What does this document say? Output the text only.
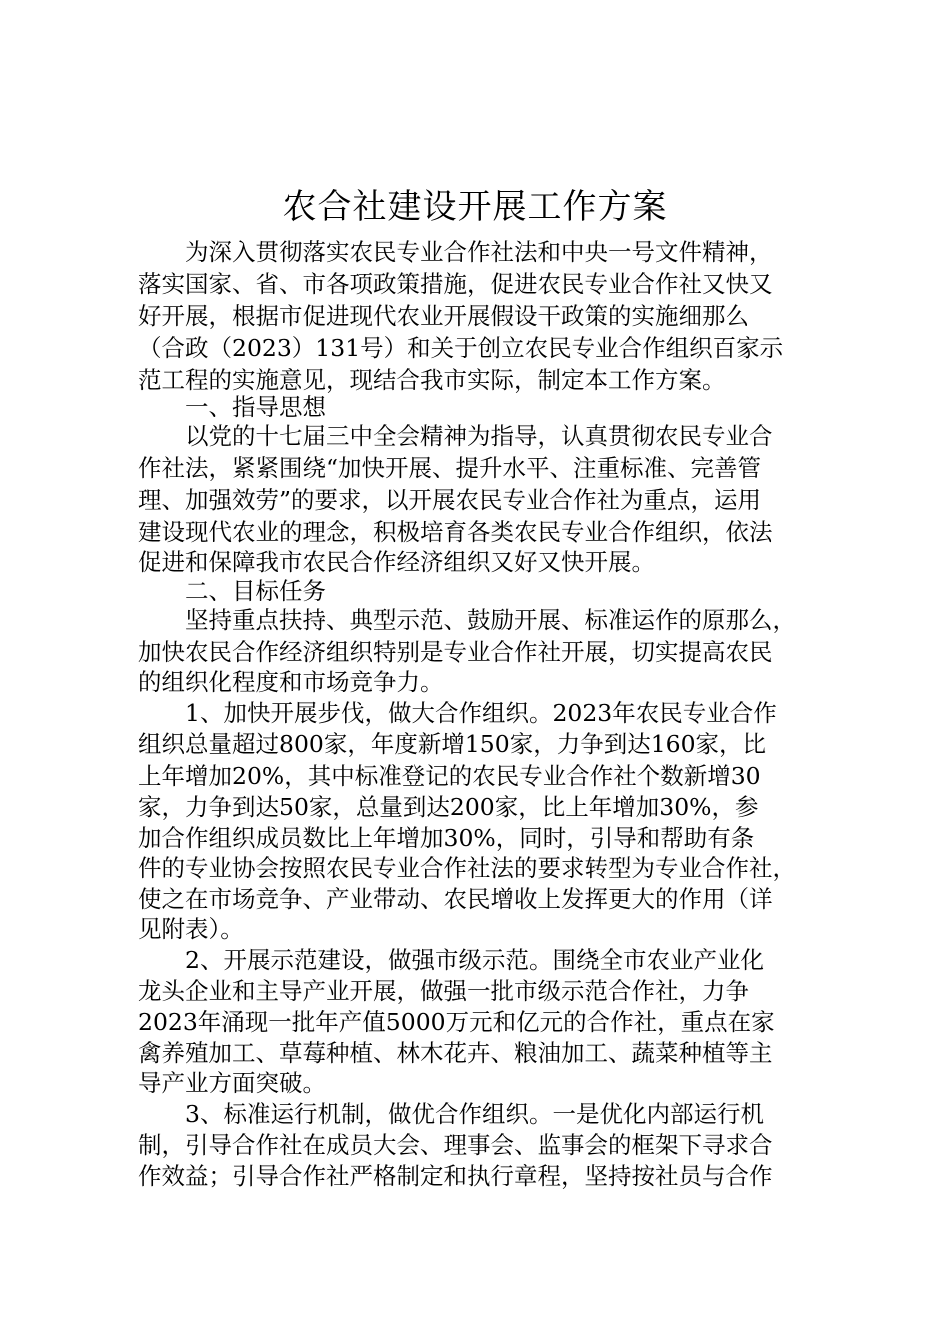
农合社建设开展工作方案
为深入贯彻落实农民专业合作社法和中央一号文件精神，
落实国家、省、市各项政策措施，促进农民专业合作社又快又
好开展，根据市促进现代农业开展假设干政策的实施细那么
（合政（2023）131号）和关于创立农民专业合作组织百家示
范工程的实施意见，现结合我市实际，制定本工作方案。
一、指导思想
以党的十七届三中全会精神为指导，认真贯彻农民专业合
作社法，紧紧围绕“加快开展、提升水平、注重标准、完善管
理、加强效劳”的要求，以开展农民专业合作社为重点，运用
建设现代农业的理念，积极培育各类农民专业合作组织，依法
促进和保障我市农民合作经济组织又好又快开展。
二、目标任务
坚持重点扶持、典型示范、鼓励开展、标准运作的原那么，
加快农民合作经济组织特别是专业合作社开展，切实提高农民
的组织化程度和市场竞争力。
1、加快开展步伐，做大合作组织。2023年农民专业合作
组织总量超过800家，年度新增150家，力争到达160家，比
上年增加20%，其中标准登记的农民专业合作社个数新增30
家，力争到达50家，总量到达200家，比上年增加30%，参
加合作组织成员数比上年增加30%，同时，引导和帮助有条
件的专业协会按照农民专业合作社法的要求转型为专业合作社，
使之在市场竞争、产业带动、农民增收上发挥更大的作用（详
见附表）。
2、开展示范建设，做强市级示范。围绕全市农业产业化
龙头企业和主导产业开展，做强一批市级示范合作社，力争
2023年涌现一批年产值5000万元和亿元的合作社，重点在家
禽养殖加工、草莓种植、林木花卉、粮油加工、蔬菜种植等主
导产业方面突破。
3、标准运行机制，做优合作组织。一是优化内部运行机
制，引导合作社在成员大会、理事会、监事会的框架下寻求合
作效益；引导合作社严格制定和执行章程，坚持按社员与合作
